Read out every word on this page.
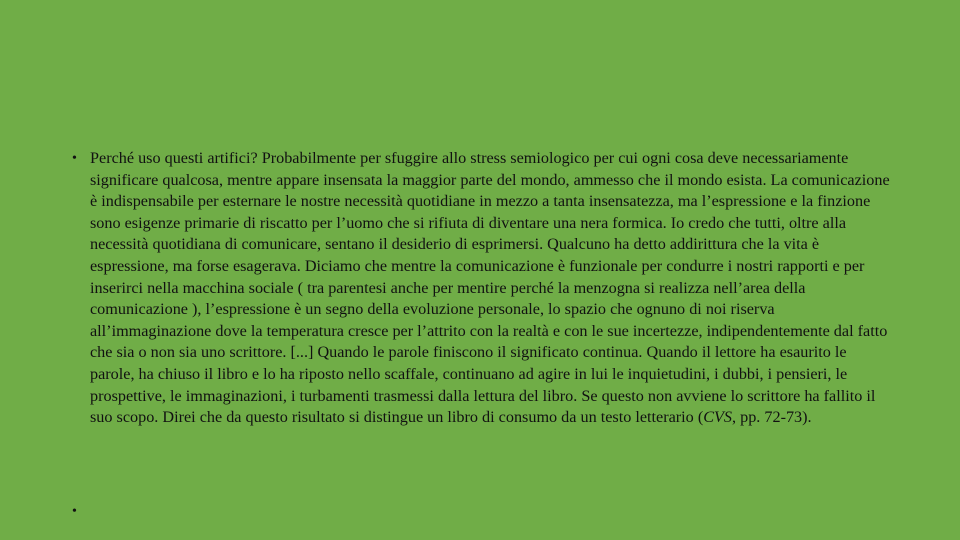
• Perché uso questi artifici? Probabilmente per sfuggire allo stress semiologico per cui ogni cosa deve necessariamente significare qualcosa, mentre appare insensata la maggior parte del mondo, ammesso che il mondo esista. La comunicazione è indispensabile per esternare le nostre necessità quotidiane in mezzo a tanta insensatezza, ma l’espressione e la finzione sono esigenze primarie di riscatto per l’uomo che si rifiuta di diventare una nera formica. Io credo che tutti, oltre alla necessità quotidiana di comunicare, sentano il desiderio di esprimersi. Qualcuno ha detto addirittura che la vita è espressione, ma forse esagerava. Diciamo che mentre la comunicazione è funzionale per condurre i nostri rapporti e per inserirci nella macchina sociale ( tra parentesi anche per mentire perché la menzogna si realizza nell’area della comunicazione ), l’espressione è un segno della evoluzione personale, lo spazio che ognuno di noi riserva all’immaginazione dove la temperatura cresce per l’attrito con la realtà e con le sue incertezze, indipendentemente dal fatto che sia o non sia uno scrittore. [...] Quando le parole finiscono il significato continua. Quando il lettore ha esaurito le parole, ha chiuso il libro e lo ha riposto nello scaffale, continuano ad agire in lui le inquietudini, i dubbi, i pensieri, le prospettive, le immaginazioni, i turbamenti trasmessi dalla lettura del libro. Se questo non avviene lo scrittore ha fallito il suo scopo. Direi che da questo risultato si distingue un libro di consumo da un testo letterario (CVS, pp. 72-73).
•
